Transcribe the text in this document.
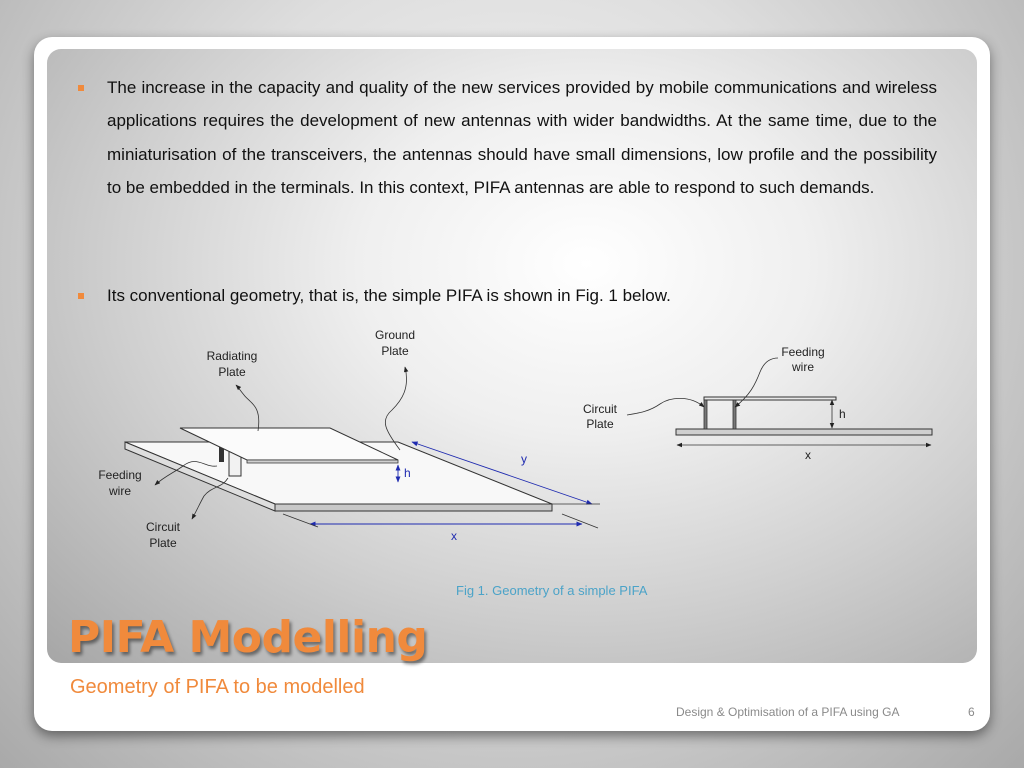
The increase in the capacity and quality of the new services provided by mobile communications and wireless applications requires the development of new antennas with wider bandwidths. At the same time, due to the miniaturisation of the transceivers, the antennas should have small dimensions, low profile and the possibility to be embedded in the terminals. In this context, PIFA antennas are able to respond to such demands.
Its conventional geometry, that is, the simple PIFA is shown in Fig. 1 below.
Ground
Plate
Radiating
Plate
Feeding
wire
Circuit
Plate
h
y
x
Feeding
wire
Circuit
Plate
h
x
Fig 1. Geometry of a simple PIFA
PIFA Modelling
Geometry of PIFA to be modelled
Design & Optimisation of a PIFA using GA	6
